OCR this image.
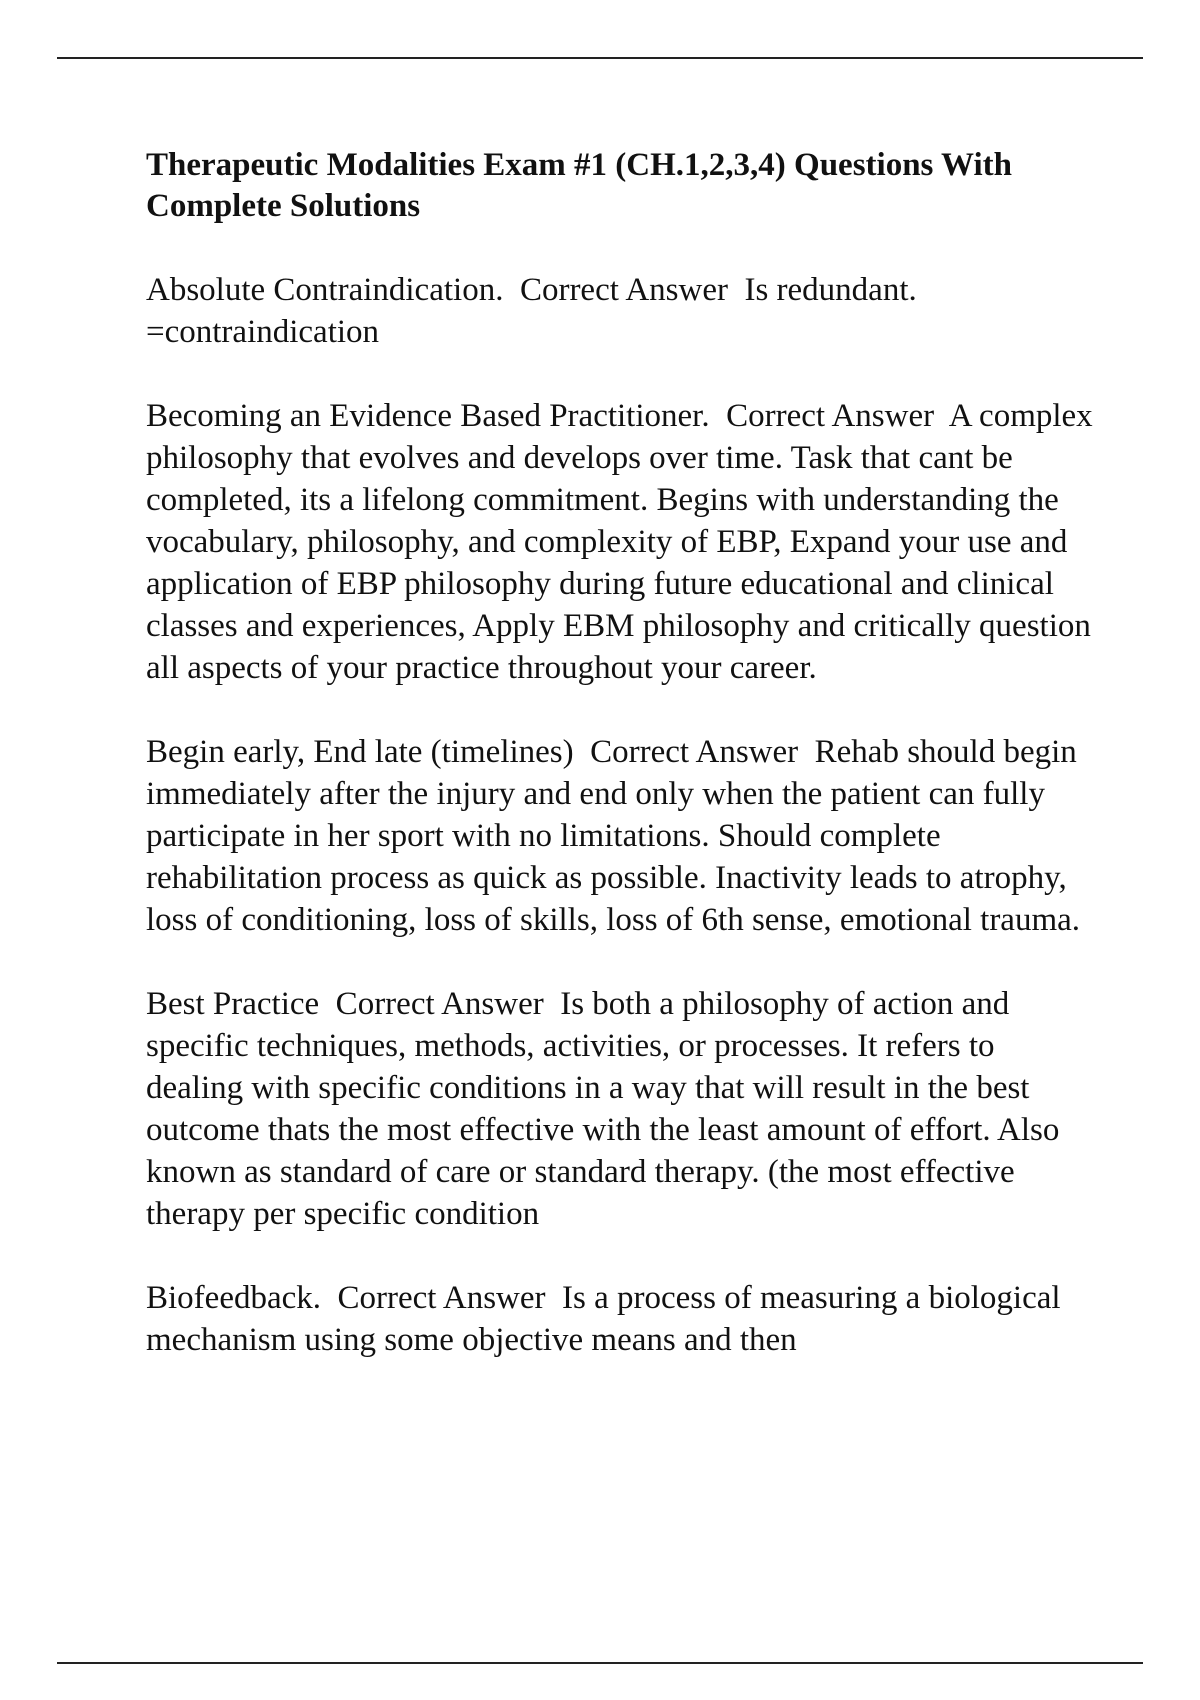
Therapeutic Modalities Exam #1 (CH.1,2,3,4) Questions With Complete Solutions
Absolute Contraindication.  Correct Answer  Is redundant. =contraindication
Becoming an Evidence Based Practitioner.  Correct Answer  A complex philosophy that evolves and develops over time. Task that cant be completed, its a lifelong commitment. Begins with understanding the vocabulary, philosophy, and complexity of EBP, Expand your use and application of EBP philosophy during future educational and clinical classes and experiences, Apply EBM philosophy and critically question all aspects of your practice throughout your career.
Begin early, End late (timelines)  Correct Answer  Rehab should begin immediately after the injury and end only when the patient can fully participate in her sport with no limitations. Should complete rehabilitation process as quick as possible. Inactivity leads to atrophy, loss of conditioning, loss of skills, loss of 6th sense, emotional trauma.
Best Practice  Correct Answer  Is both a philosophy of action and specific techniques, methods, activities, or processes. It refers to dealing with specific conditions in a way that will result in the best outcome thats the most effective with the least amount of effort. Also known as standard of care or standard therapy. (the most effective therapy per specific condition
Biofeedback.  Correct Answer  Is a process of measuring a biological mechanism using some objective means and then
